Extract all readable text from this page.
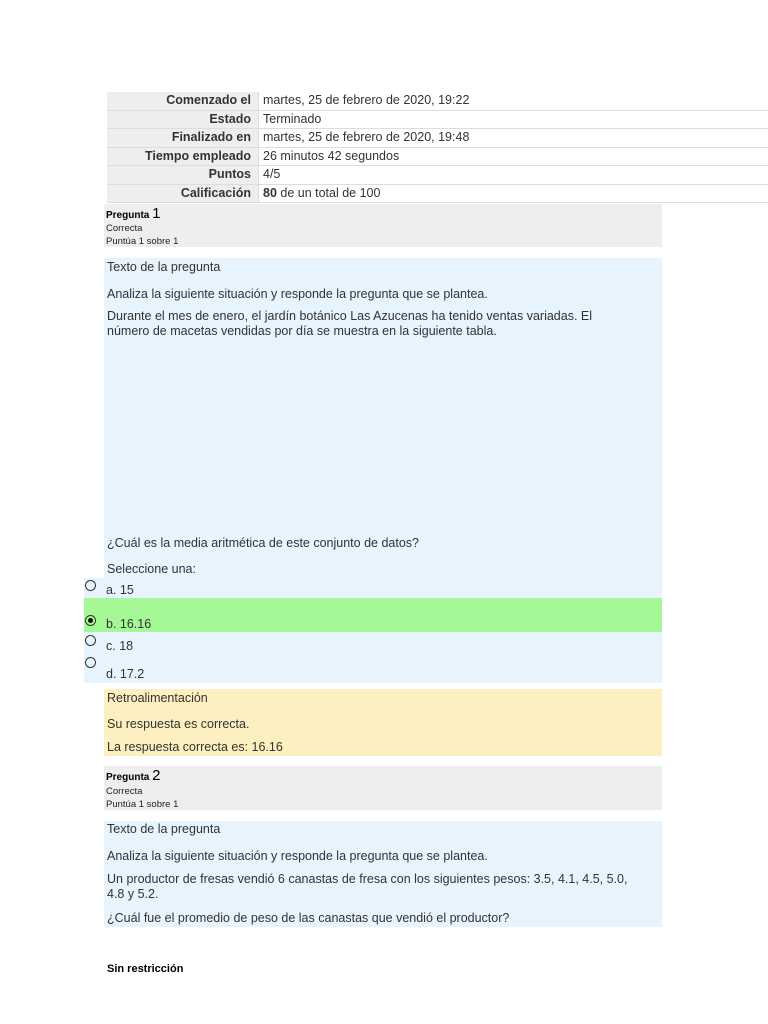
Comenzado el	martes, 25 de febrero de 2020, 19:22
Estado	Terminado
Finalizado en	martes, 25 de febrero de 2020, 19:48
Tiempo empleado	26 minutos 42 segundos
Puntos	4/5
Calificación	80 de un total de 100
Pregunta 1
Correcta
Puntúa 1 sobre 1
Texto de la pregunta
Analiza la siguiente situación y responde la pregunta que se plantea.
Durante el mes de enero, el jardín botánico Las Azucenas ha tenido ventas variadas. El
número de macetas vendidas por día se muestra en la siguiente tabla.
¿Cuál es la media aritmética de este conjunto de datos?
Seleccione una:
a. 15
b. 16.16
c. 18
d. 17.2
Retroalimentación
Su respuesta es correcta.
La respuesta correcta es: 16.16
Pregunta 2
Correcta
Puntúa 1 sobre 1
Texto de la pregunta
Analiza la siguiente situación y responde la pregunta que se plantea.
Un productor de fresas vendió 6 canastas de fresa con los siguientes pesos: 3.5, 4.1, 4.5, 5.0,
4.8 y 5.2.
¿Cuál fue el promedio de peso de las canastas que vendió el productor?
Sin restricción
